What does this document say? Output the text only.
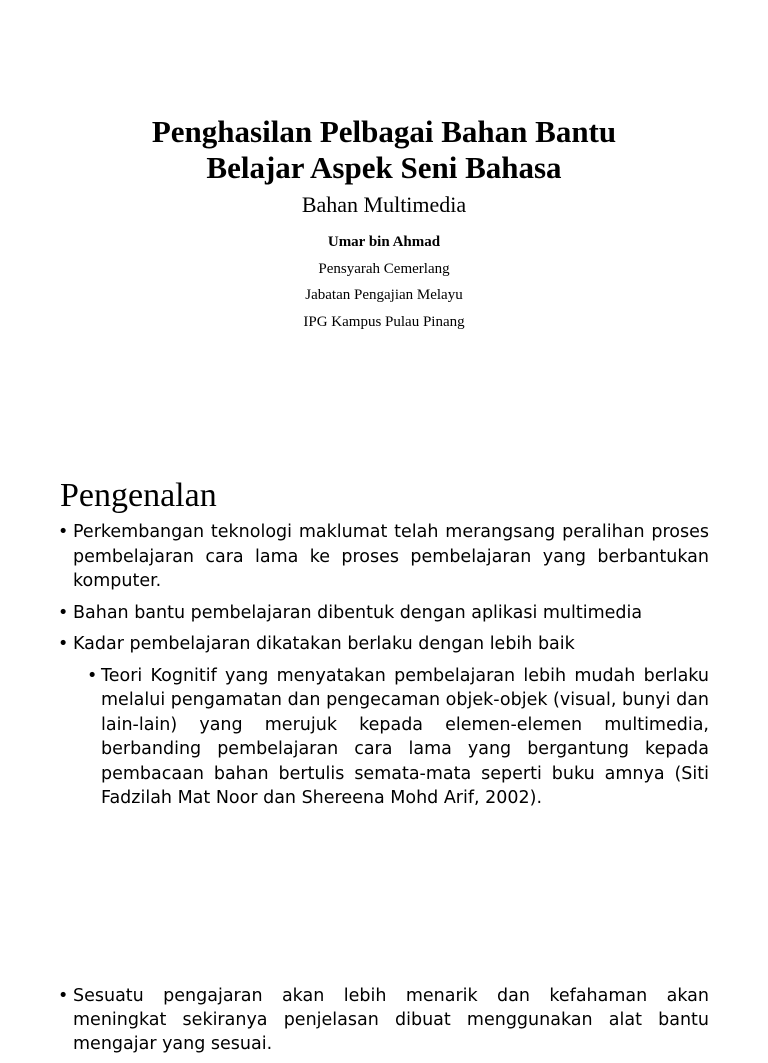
Penghasilan Pelbagai Bahan Bantu
Belajar Aspek Seni Bahasa
Bahan Multimedia
Umar bin Ahmad
Pensyarah Cemerlang
Jabatan Pengajian Melayu
IPG Kampus Pulau Pinang
Pengenalan
• Perkembangan teknologi maklumat telah merangsang peralihan proses pembelajaran cara lama ke proses pembelajaran yang berbantukan komputer.
• Bahan bantu pembelajaran dibentuk dengan aplikasi multimedia
• Kadar pembelajaran dikatakan berlaku dengan lebih baik
• Teori Kognitif yang menyatakan pembelajaran lebih mudah berlaku melalui pengamatan dan pengecaman objek-objek (visual, bunyi dan lain-lain) yang merujuk kepada elemen-elemen multimedia, berbanding pembelajaran cara lama yang bergantung kepada pembacaan bahan bertulis semata-mata seperti buku amnya (Siti Fadzilah Mat Noor dan Shereena Mohd Arif, 2002).
• Sesuatu pengajaran akan lebih menarik dan kefahaman akan meningkat sekiranya penjelasan dibuat menggunakan alat bantu mengajar yang sesuai.
